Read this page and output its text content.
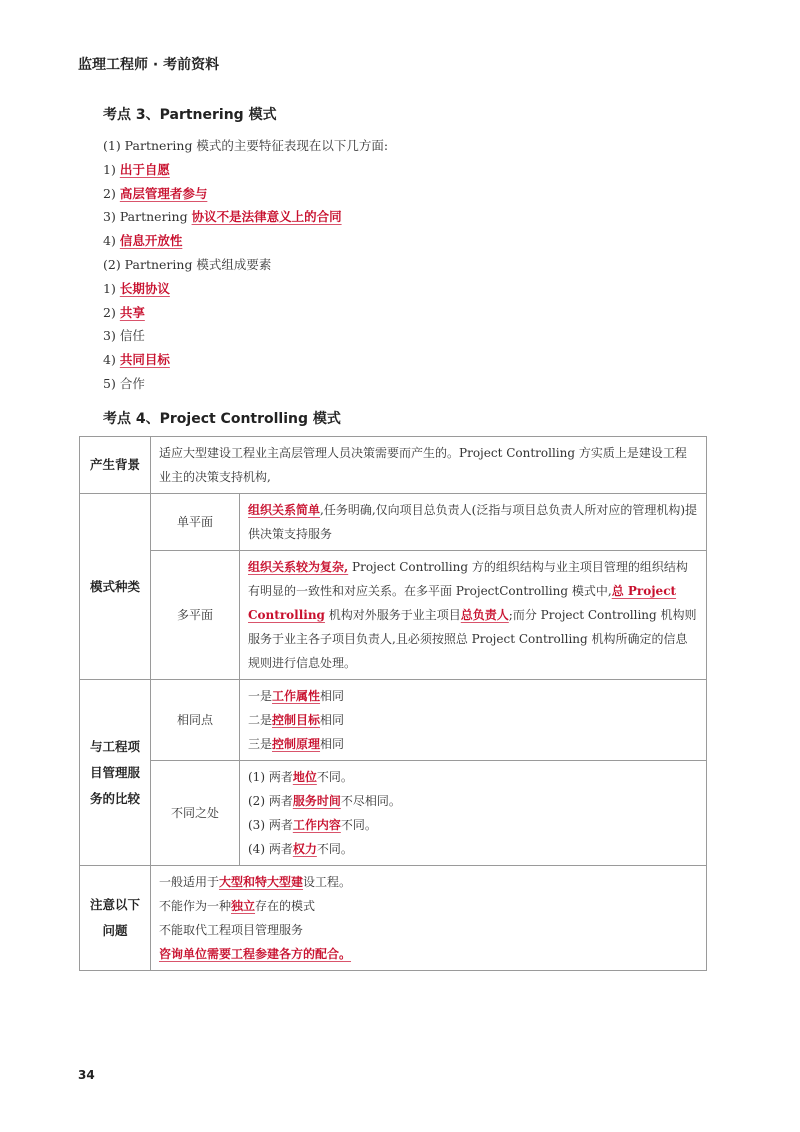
监理工程师 · 考前资料
考点 3、Partnering 模式
(1) Partnering 模式的主要特征表现在以下几方面:
1) 出于自愿
2) 高层管理者参与
3) Partnering 协议不是法律意义上的合同
4) 信息开放性
(2) Partnering 模式组成要素
1) 长期协议
2) 共享
3) 信任
4) 共同目标
5) 合作
考点 4、Project Controlling 模式
产生背景	适应大型建设工程业主高层管理人员决策需要而产生的。Project Controlling 方实质上是建设工程业主的决策支持机构,	
模式种类	单平面	组织关系简单,任务明确,仅向项目总负责人(泛指与项目总负责人所对应的管理机构)提供决策支持服务
	多平面	组织关系较为复杂, Project Controlling 方的组织结构与业主项目管理的组织结构有明显的一致性和对应关系。在多平面 ProjectControlling 模式中,总 Project Controlling 机构对外服务于业主项目总负责人;而分 Project Controlling 机构则服务于业主各子项目负责人,且必须按照总 Project Controlling 机构所确定的信息规则进行信息处理。
与工程项目管理服务的比较	相同点	一是工作属性相同
二是控制目标相同
三是控制原理相同

	不同之处	(1) 两者地位不同。
(2) 两者服务时间不尽相同。
(3) 两者工作内容不同。
(4) 两者权力不同。

注意以下问题	一般适用于大型和特大型建设工程。
不能作为一种独立存在的模式
不能取代工程项目管理服务
咨询单位需要工程参建各方的配合。	
34
